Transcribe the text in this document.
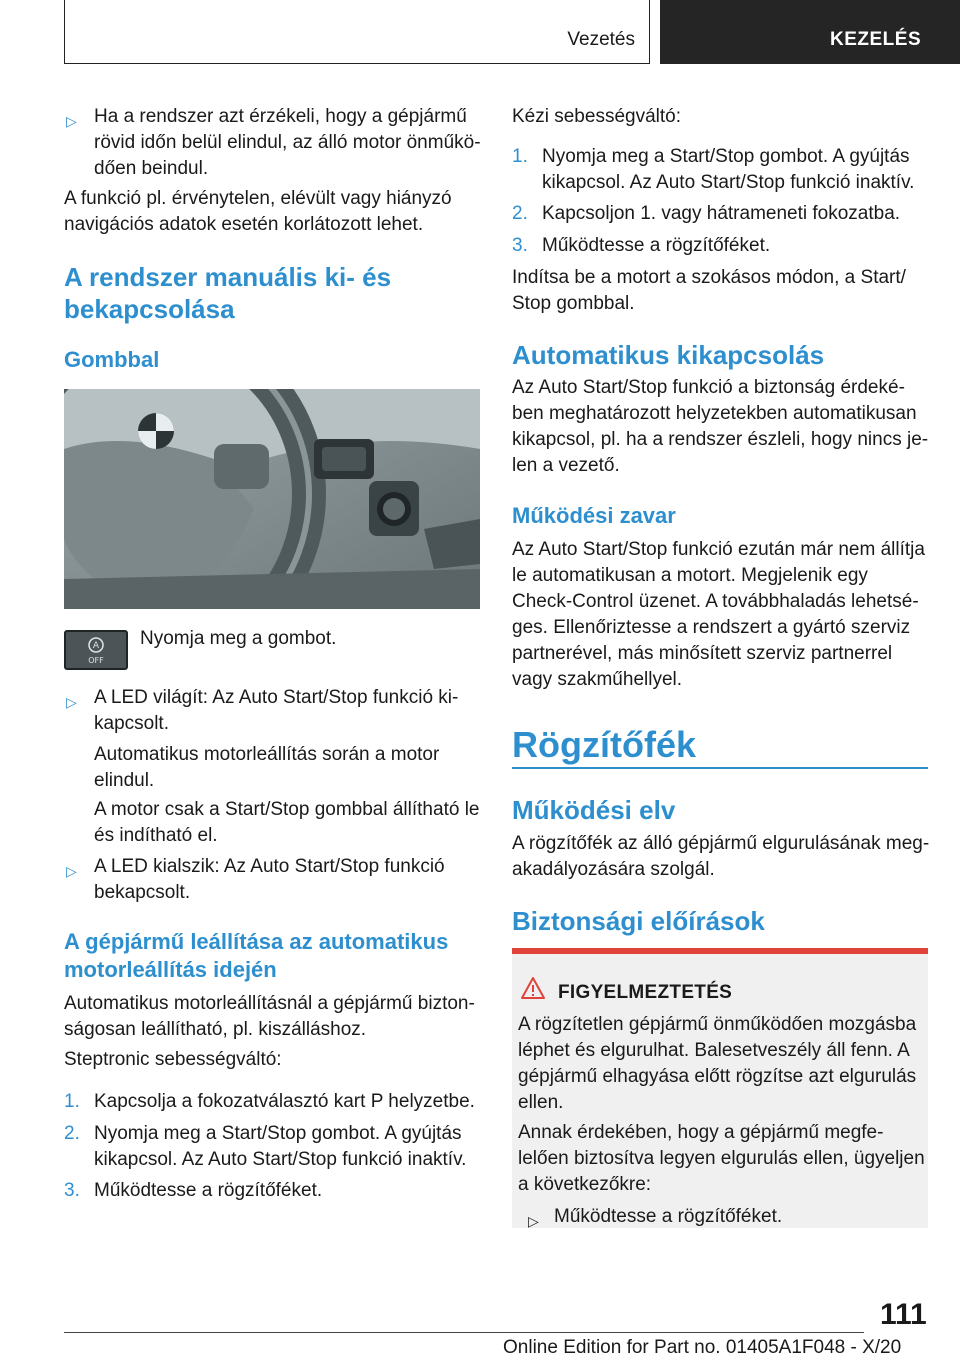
Vezetés	KEZELÉS
▷ Ha a rendszer azt érzékeli, hogy a gépjármű
rövid időn belül elindul, az álló motor önműkö-
dően beindul.
A funkció pl. érvénytelen, elévült vagy hiányzó
navigációs adatok esetén korlátozott lehet.
A rendszer manuális ki- és
bekapcsolása
Gombbal
A
OFF
Nyomja meg a gombot.
▷ A LED világít: Az Auto Start/Stop funkció ki-
kapcsolt.
Automatikus motorleállítás során a motor
elindul.
A motor csak a Start/Stop gombbal állítható le
és indítható el.
▷ A LED kialszik: Az Auto Start/Stop funkció
bekapcsolt.
A gépjármű leállítása az automatikus
motorleállítás idején
Automatikus motorleállításnál a gépjármű bizton-
ságosan leállítható, pl. kiszálláshoz.
Steptronic sebességváltó:
1. Kapcsolja a fokozatválasztó kart P helyzetbe.
2. Nyomja meg a Start/Stop gombot. A gyújtás
kikapcsol. Az Auto Start/Stop funkció inaktív.
3. Működtesse a rögzítőféket.
Kézi sebességváltó:
1. Nyomja meg a Start/Stop gombot. A gyújtás
kikapcsol. Az Auto Start/Stop funkció inaktív.
2. Kapcsoljon 1. vagy hátrameneti fokozatba.
3. Működtesse a rögzítőféket.
Indítsa be a motort a szokásos módon, a Start/
Stop gombbal.
Automatikus kikapcsolás
Az Auto Start/Stop funkció a biztonság érdeké-
ben meghatározott helyzetekben automatikusan
kikapcsol, pl. ha a rendszer észleli, hogy nincs je-
len a vezető.
Működési zavar
Az Auto Start/Stop funkció ezután már nem állítja
le automatikusan a motort. Megjelenik egy
Check-Control üzenet. A továbbhaladás lehetsé-
ges. Ellenőriztesse a rendszert a gyártó szerviz
partnerével, más minősített szerviz partnerrel
vagy szakműhellyel.
Rögzítőfék
Működési elv
A rögzítőfék az álló gépjármű elgurulásának meg-
akadályozására szolgál.
Biztonsági előírások
FIGYELMEZTETÉS
A rögzítetlen gépjármű önműködően mozgásba
léphet és elgurulhat. Balesetveszély áll fenn. A
gépjármű elhagyása előtt rögzítse azt elgurulás
ellen.
Annak érdekében, hogy a gépjármű megfe-
lelően biztosítva legyen elgurulás ellen, ügyeljen
a következőkre:
▷ Működtesse a rögzítőféket.
111
Online Edition for Part no. 01405A1F048 - X/20
